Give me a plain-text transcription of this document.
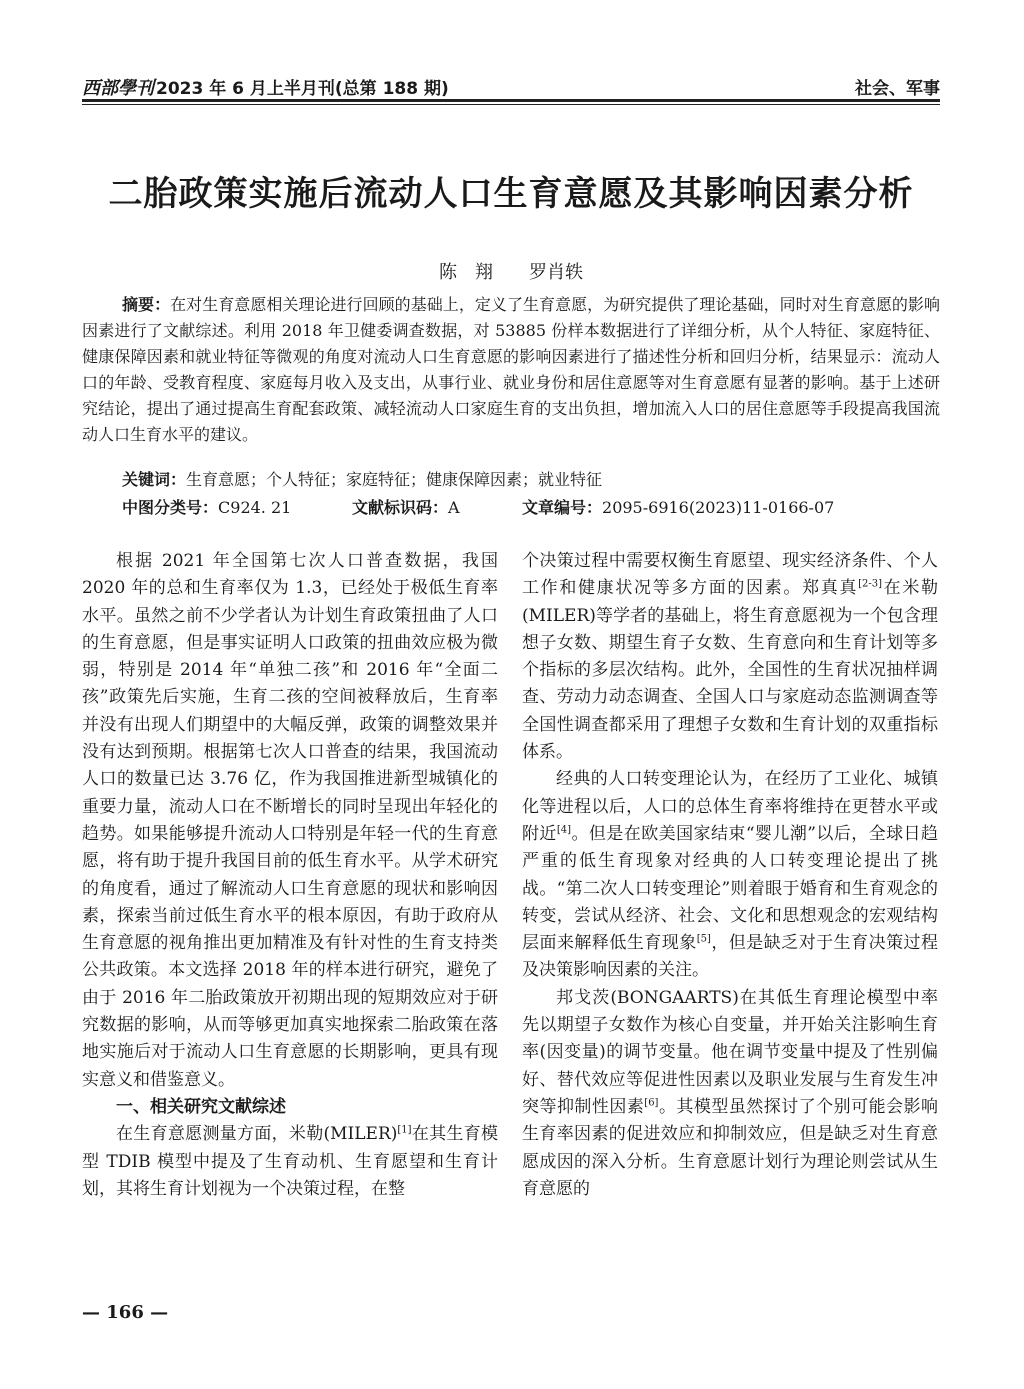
西部學刊 2023 年 6 月上半月刊(总第 188 期)	社会、军事
二胎政策实施后流动人口生育意愿及其影响因素分析
陈　翔　　罗肖轶

摘要：在对生育意愿相关理论进行回顾的基础上，定义了生育意愿，为研究提供了理论基础，同时对生育意愿的影响因素进行了文献综述。利用 2018 年卫健委调查数据，对 53885 份样本数据进行了详细分析，从个人特征、家庭特征、健康保障因素和就业特征等微观的角度对流动人口生育意愿的影响因素进行了描述性分析和回归分析，结果显示：流动人口的年龄、受教育程度、家庭每月收入及支出，从事行业、就业身份和居住意愿等对生育意愿有显著的影响。基于上述研究结论，提出了通过提高生育配套政策、减轻流动人口家庭生育的支出负担，增加流入人口的居住意愿等手段提高我国流动人口生育水平的建议。

关键词：生育意愿；个人特征；家庭特征；健康保障因素；就业特征
中图分类号：C924. 21	文献标识码：A	文章编号：2095-6916(2023)11-0166-07

根据 2021 年全国第七次人口普查数据，我国 2020 年的总和生育率仅为 1.3，已经处于极低生育率水平。虽然之前不少学者认为计划生育政策扭曲了人口的生育意愿，但是事实证明人口政策的扭曲效应极为微弱，特别是 2014 年“单独二孩”和 2016 年“全面二孩”政策先后实施，生育二孩的空间被释放后，生育率并没有出现人们期望中的大幅反弹，政策的调整效果并没有达到预期。根据第七次人口普查的结果，我国流动人口的数量已达 3.76 亿，作为我国推进新型城镇化的重要力量，流动人口在不断增长的同时呈现出年轻化的趋势。如果能够提升流动人口特别是年轻一代的生育意愿，将有助于提升我国目前的低生育水平。从学术研究的角度看，通过了解流动人口生育意愿的现状和影响因素，探索当前过低生育水平的根本原因，有助于政府从生育意愿的视角推出更加精准及有针对性的生育支持类公共政策。本文选择 2018 年的样本进行研究，避免了由于 2016 年二胎政策放开初期出现的短期效应对于研究数据的影响，从而等够更加真实地探索二胎政策在落地实施后对于流动人口生育意愿的长期影响，更具有现实意义和借鉴意义。

一、相关研究文献综述

在生育意愿测量方面，米勒(MILER)[1]在其生育模型 TDIB 模型中提及了生育动机、生育愿望和生育计划，其将生育计划视为一个决策过程，在整

个决策过程中需要权衡生育愿望、现实经济条件、个人工作和健康状况等多方面的因素。郑真真[2-3]在米勒(MILER)等学者的基础上，将生育意愿视为一个包含理想子女数、期望生育子女数、生育意向和生育计划等多个指标的多层次结构。此外，全国性的生育状况抽样调查、劳动力动态调查、全国人口与家庭动态监测调查等全国性调查都采用了理想子女数和生育计划的双重指标体系。

经典的人口转变理论认为，在经历了工业化、城镇化等进程以后，人口的总体生育率将维持在更替水平或附近[4]。但是在欧美国家结束“婴儿潮”以后，全球日趋严重的低生育现象对经典的人口转变理论提出了挑战。“第二次人口转变理论”则着眼于婚育和生育观念的转变，尝试从经济、社会、文化和思想观念的宏观结构层面来解释低生育现象[5]，但是缺乏对于生育决策过程及决策影响因素的关注。

邦戈茨(BONGAARTS)在其低生育理论模型中率先以期望子女数作为核心自变量，并开始关注影响生育率(因变量)的调节变量。他在调节变量中提及了性别偏好、替代效应等促进性因素以及职业发展与生育发生冲突等抑制性因素[6]。其模型虽然探讨了个别可能会影响生育率因素的促进效应和抑制效应，但是缺乏对生育意愿成因的深入分析。生育意愿计划行为理论则尝试从生育意愿的

— 166 —
